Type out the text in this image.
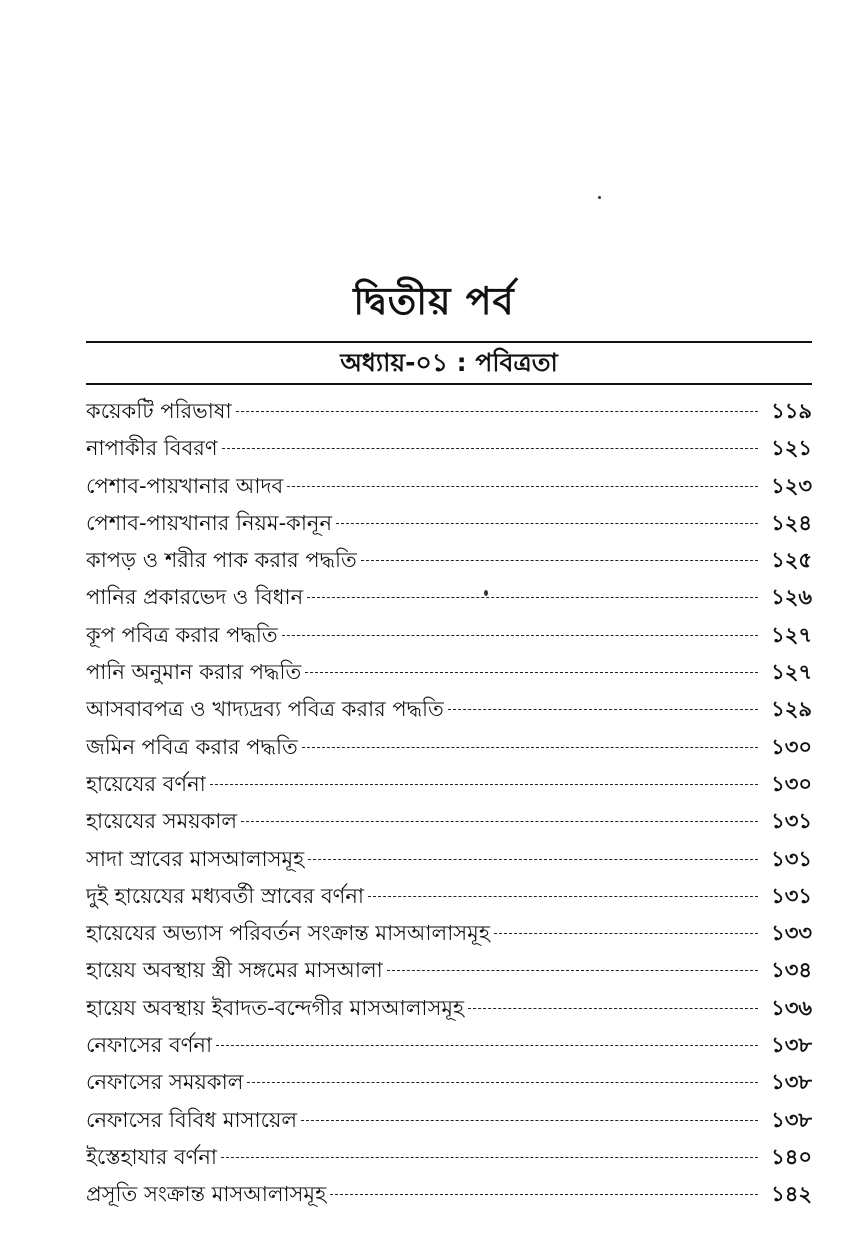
দ্বিতীয় পর্ব
অধ্যায়-০১ : পবিত্রতা
কয়েকটি পরিভাষা	১১৯
নাপাকীর বিবরণ	১২১
পেশাব-পায়খানার আদব	১২৩
পেশাব-পায়খানার নিয়ম-কানূন	১২৪
কাপড় ও শরীর পাক করার পদ্ধতি	১২৫
পানির প্রকারভেদ ও বিধান	১২৬
কূপ পবিত্র করার পদ্ধতি	১২৭
পানি অনুমান করার পদ্ধতি	১২৭
আসবাবপত্র ও খাদ্যদ্রব্য পবিত্র করার পদ্ধতি	১২৯
জমিন পবিত্র করার পদ্ধতি	১৩০
হায়েযের বর্ণনা	১৩০
হায়েযের সময়কাল	১৩১
সাদা স্রাবের মাসআলাসমূহ	১৩১
দুই হায়েযের মধ্যবর্তী স্রাবের বর্ণনা	১৩১
হায়েযের অভ্যাস পরিবর্তন সংক্রান্ত মাসআলাসমূহ	১৩৩
হায়েয অবস্থায় স্ত্রী সঙ্গমের মাসআলা	১৩৪
হায়েয অবস্থায় ইবাদত-বন্দেগীর মাসআলাসমূহ	১৩৬
নেফাসের বর্ণনা	১৩৮
নেফাসের সময়কাল	১৩৮
নেফাসের বিবিধ মাসায়েল	১৩৮
ইস্তেহাযার বর্ণনা	১৪০
প্রসূতি সংক্রান্ত মাসআলাসমূহ	১৪২
